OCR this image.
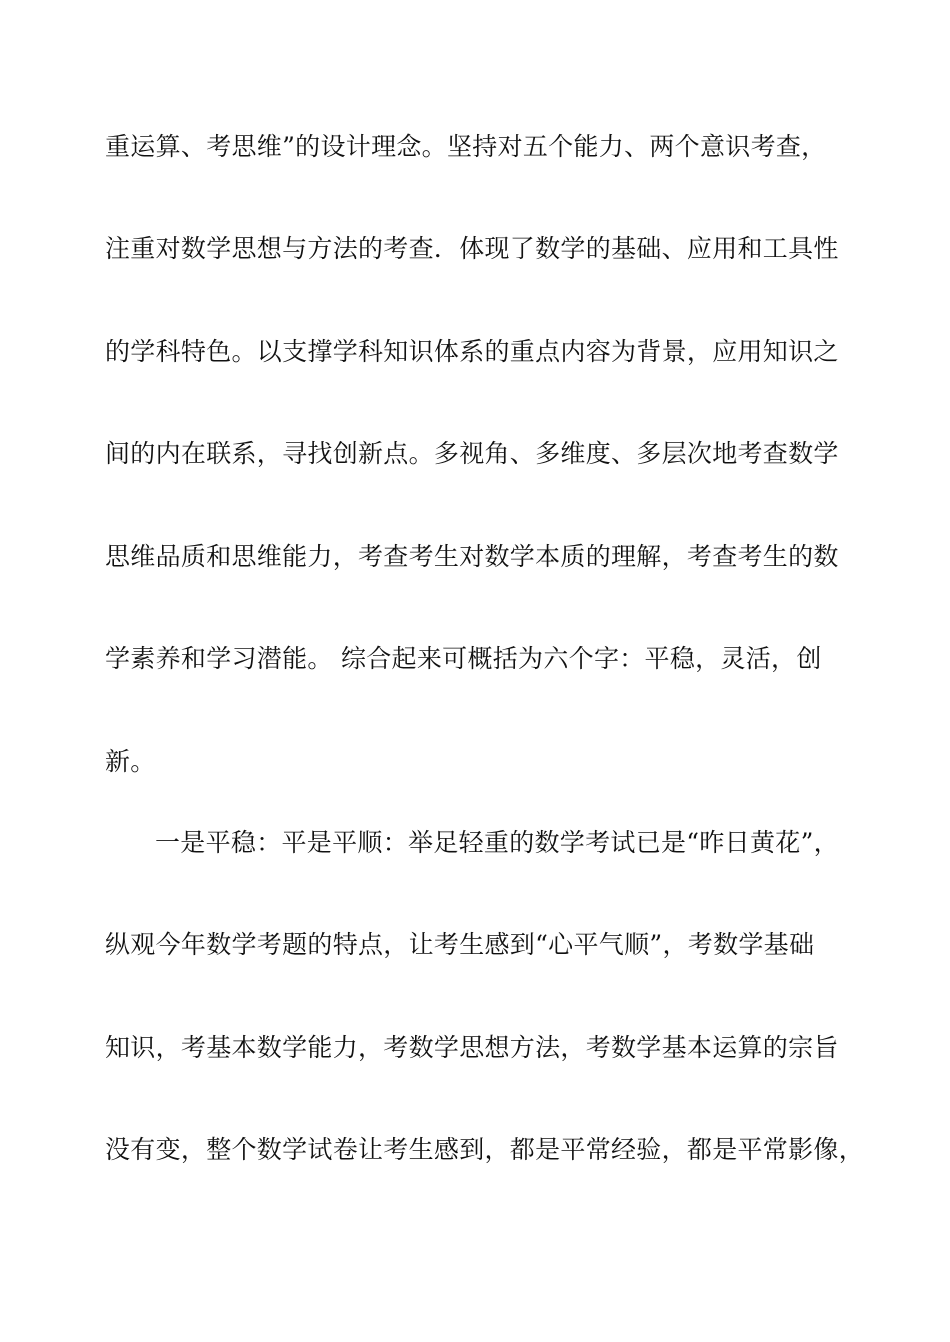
重运算、考思维”的设计理念。坚持对五个能力、两个意识考查，
注重对数学思想与方法的考查．体现了数学的基础、应用和工具性
的学科特色。以支撑学科知识体系的重点内容为背景，应用知识之
间的内在联系，寻找创新点。多视角、多维度、多层次地考查数学
思维品质和思维能力，考查考生对数学本质的理解，考查考生的数
学素养和学习潜能。 综合起来可概括为六个字：平稳，灵活，创
新。
一是平稳：平是平顺：举足轻重的数学考试已是“昨日黄花”，
纵观今年数学考题的特点，让考生感到“心平气顺”，考数学基础
知识，考基本数学能力，考数学思想方法，考数学基本运算的宗旨
没有变，整个数学试卷让考生感到，都是平常经验，都是平常影像，
